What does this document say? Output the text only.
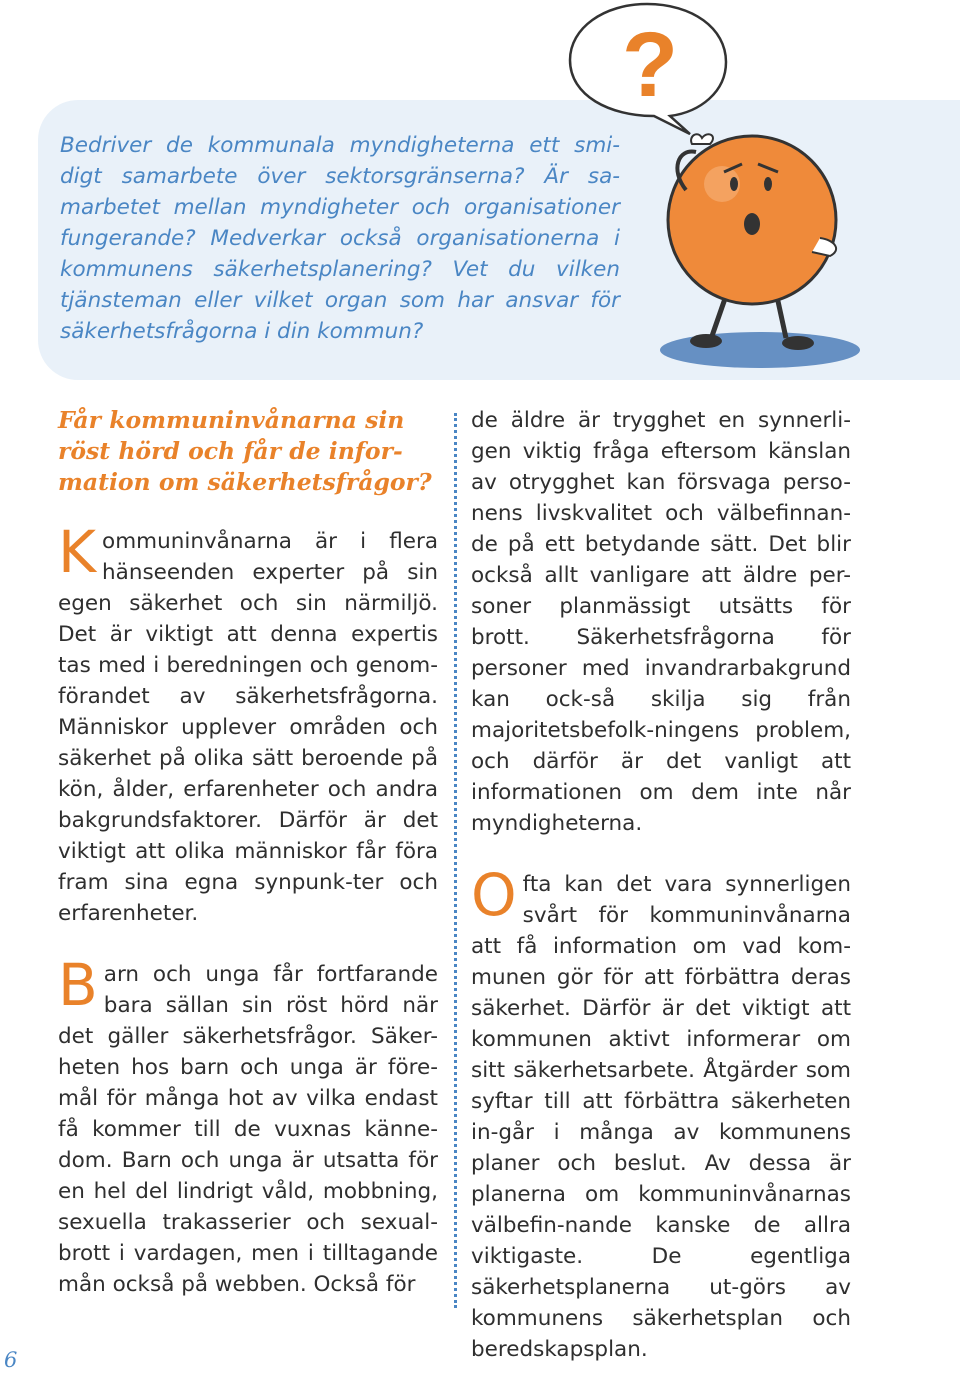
Bedriver de kommunala myndigheterna ett smi-digt samarbete över sektorsgränserna? Är sa-marbetet mellan myndigheter och organisationer fungerande? Medverkar också organisationerna i kommunens säkerhetsplanering? Vet du vilken tjänsteman eller vilket organ som har ansvar för säkerhetsfrågorna i din kommun?

?
Får kommuninvånarna sin röst hörd och får de infor-mation om säkerhetsfrågor?

Kommuninvånarna är i flera hänseenden experter på sin egen säkerhet och sin närmiljö. Det är viktigt att denna expertis tas med i beredningen och genom-förandet av säkerhetsfrågorna. Människor upplever områden och säkerhet på olika sätt beroende på kön, ålder, erfarenheter och andra bakgrundsfaktorer. Därför är det viktigt att olika människor får föra fram sina egna synpunk-ter och erfarenheter.

Barn och unga får fortfarande bara sällan sin röst hörd när det gäller säkerhetsfrågor. Säker-heten hos barn och unga är före-mål för många hot av vilka endast få kommer till de vuxnas känne-dom. Barn och unga är utsatta för en hel del lindrigt våld, mobbning, sexuella trakasserier och sexual-brott i vardagen, men i tilltagande mån också på webben. Också för

de äldre är trygghet en synnerli-gen viktig fråga eftersom känslan av otrygghet kan försvaga perso-nens livskvalitet och välbefinnan-de på ett betydande sätt. Det blir också allt vanligare att äldre per-soner planmässigt utsätts för brott. Säkerhetsfrågorna för personer med invandrarbakgrund kan ock-så skilja sig från majoritetsbefolk-ningens problem, och därför är det vanligt att informationen om dem inte når myndigheterna.

Ofta kan det vara synnerligen svårt för kommuninvånarna att få information om vad kom-munen gör för att förbättra deras säkerhet. Därför är det viktigt att kommunen aktivt informerar om sitt säkerhetsarbete. Åtgärder som syftar till att förbättra säkerheten in-går i många av kommunens planer och beslut. Av dessa är planerna om kommuninvånarnas välbefin-nande kanske de allra viktigaste. De egentliga säkerhetsplanerna ut-görs av kommunens säkerhetsplan och beredskapsplan.

6
